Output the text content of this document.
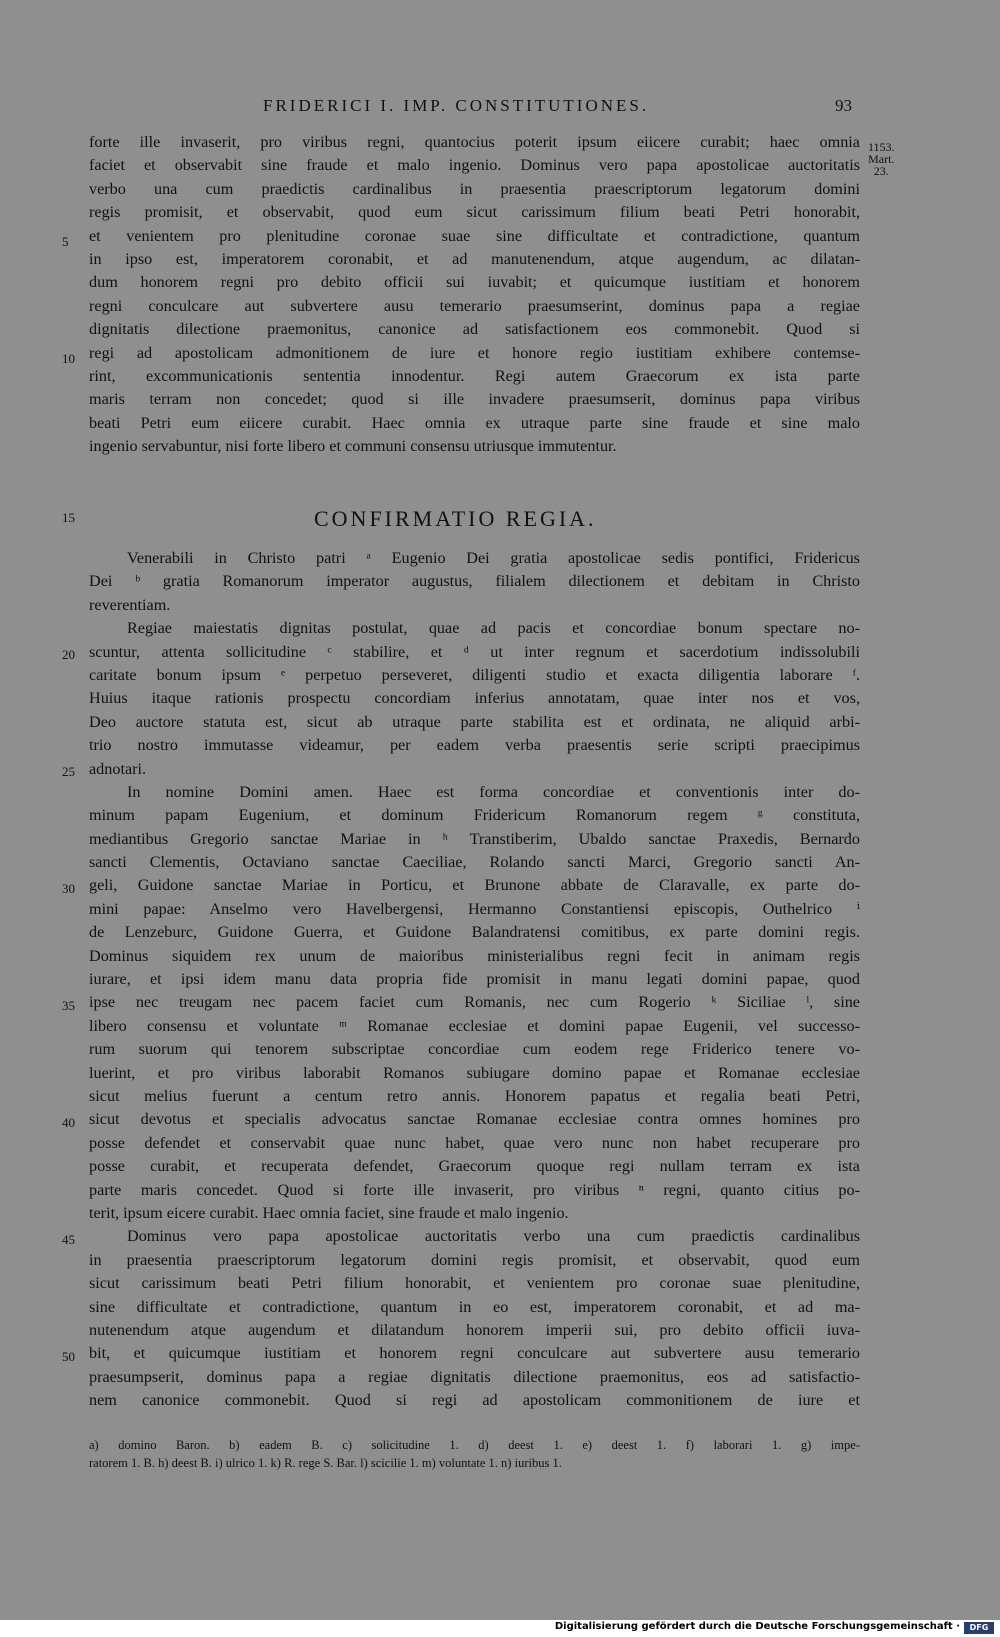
FRIDERICI I. IMP. CONSTITUTIONES.	93
1153.
Mart.
23.
forte ille invaserit, pro viribus regni, quantocius poterit ipsum eiicere curabit; haec omnia
faciet et observabit sine fraude et malo ingenio. Dominus vero papa apostolicae auctoritatis
verbo una cum praedictis cardinalibus in praesentia praescriptorum legatorum domini
regis promisit, et observabit, quod eum sicut carissimum filium beati Petri honorabit,
et venientem pro plenitudine coronae suae sine difficultate et contradictione, quantum
in ipso est, imperatorem coronabit, et ad manutenendum, atque augendum, ac dilatan-
dum honorem regni pro debito officii sui iuvabit; et quicumque iustitiam et honorem
regni conculcare aut subvertere ausu temerario praesumserint, dominus papa a regiae
dignitatis dilectione praemonitus, canonice ad satisfactionem eos commonebit. Quod si
regi ad apostolicam admonitionem de iure et honore regio iustitiam exhibere contemse-
rint, excommunicationis sententia innodentur. Regi autem Graecorum ex ista parte
maris terram non concedet; quod si ille invadere praesumserit, dominus papa viribus
beati Petri eum eiicere curabit. Haec omnia ex utraque parte sine fraude et sine malo
ingenio servabuntur, nisi forte libero et communi consensu utriusque immutentur.
CONFIRMATIO REGIA.
Venerabili in Christo patri ᵃ Eugenio Dei gratia apostolicae sedis pontifici, Fridericus
Dei ᵇ gratia Romanorum imperator augustus, filialem dilectionem et debitam in Christo
reverentiam.
Regiae maiestatis dignitas postulat, quae ad pacis et concordiae bonum spectare no-
scuntur, attenta sollicitudine ᶜ stabilire, et ᵈ ut inter regnum et sacerdotium indissolubili
caritate bonum ipsum ᵉ perpetuo perseveret, diligenti studio et exacta diligentia laborare ᶠ.
Huius itaque rationis prospectu concordiam inferius annotatam, quae inter nos et vos,
Deo auctore statuta est, sicut ab utraque parte stabilita est et ordinata, ne aliquid arbi-
trio nostro immutasse videamur, per eadem verba praesentis serie scripti praecipimus
adnotari.
In nomine Domini amen. Haec est forma concordiae et conventionis inter do-
minum papam Eugenium, et dominum Fridericum Romanorum regem ᵍ constituta,
mediantibus Gregorio sanctae Mariae in ʰ Transtiberim, Ubaldo sanctae Praxedis, Bernardo
sancti Clementis, Octaviano sanctae Caeciliae, Rolando sancti Marci, Gregorio sancti An-
geli, Guidone sanctae Mariae in Porticu, et Brunone abbate de Claravalle, ex parte do-
mini papae: Anselmo vero Havelbergensi, Hermanno Constantiensi episcopis, Outhelrico ⁱ
de Lenzeburc, Guidone Guerra, et Guidone Balandratensi comitibus, ex parte domini regis.
Dominus siquidem rex unum de maioribus ministerialibus regni fecit in animam regis
iurare, et ipsi idem manu data propria fide promisit in manu legati domini papae, quod
ipse nec treugam nec pacem faciet cum Romanis, nec cum Rogerio ᵏ Siciliae ˡ, sine
libero consensu et voluntate ᵐ Romanae ecclesiae et domini papae Eugenii, vel successo-
rum suorum qui tenorem subscriptae concordiae cum eodem rege Friderico tenere vo-
luerint, et pro viribus laborabit Romanos subiugare domino papae et Romanae ecclesiae
sicut melius fuerunt a centum retro annis. Honorem papatus et regalia beati Petri,
sicut devotus et specialis advocatus sanctae Romanae ecclesiae contra omnes homines pro
posse defendet et conservabit quae nunc habet, quae vero nunc non habet recuperare pro
posse curabit, et recuperata defendet, Graecorum quoque regi nullam terram ex ista
parte maris concedet. Quod si forte ille invaserit, pro viribus ⁿ regni, quanto citius po-
terit, ipsum eicere curabit. Haec omnia faciet, sine fraude et malo ingenio.
Dominus vero papa apostolicae auctoritatis verbo una cum praedictis cardinalibus
in praesentia praescriptorum legatorum domini regis promisit, et observabit, quod eum
sicut carissimum beati Petri filium honorabit, et venientem pro coronae suae plenitudine,
sine difficultate et contradictione, quantum in eo est, imperatorem coronabit, et ad ma-
nutenendum atque augendum et dilatandum honorem imperii sui, pro debito officii iuva-
bit, et quicumque iustitiam et honorem regni conculcare aut subvertere ausu temerario
praesumpserit, dominus papa a regiae dignitatis dilectione praemonitus, eos ad satisfactio-
nem canonice commonebit. Quod si regi ad apostolicam commonitionem de iure et
5
10
15
20
25
30
35
40
45
50
a) domino Baron. b) eadem B. c) solicitudine 1. d) deest 1. e) deest 1. f) laborari 1. g) impe-
ratorem 1. B. h) deest B. i) ulrico 1. k) R. rege S. Bar. l) scicilie 1. m) voluntate 1. n) iuribus 1.
Digitalisierung gefördert durch die Deutsche Forschungsgemeinschaft ·	DFG
